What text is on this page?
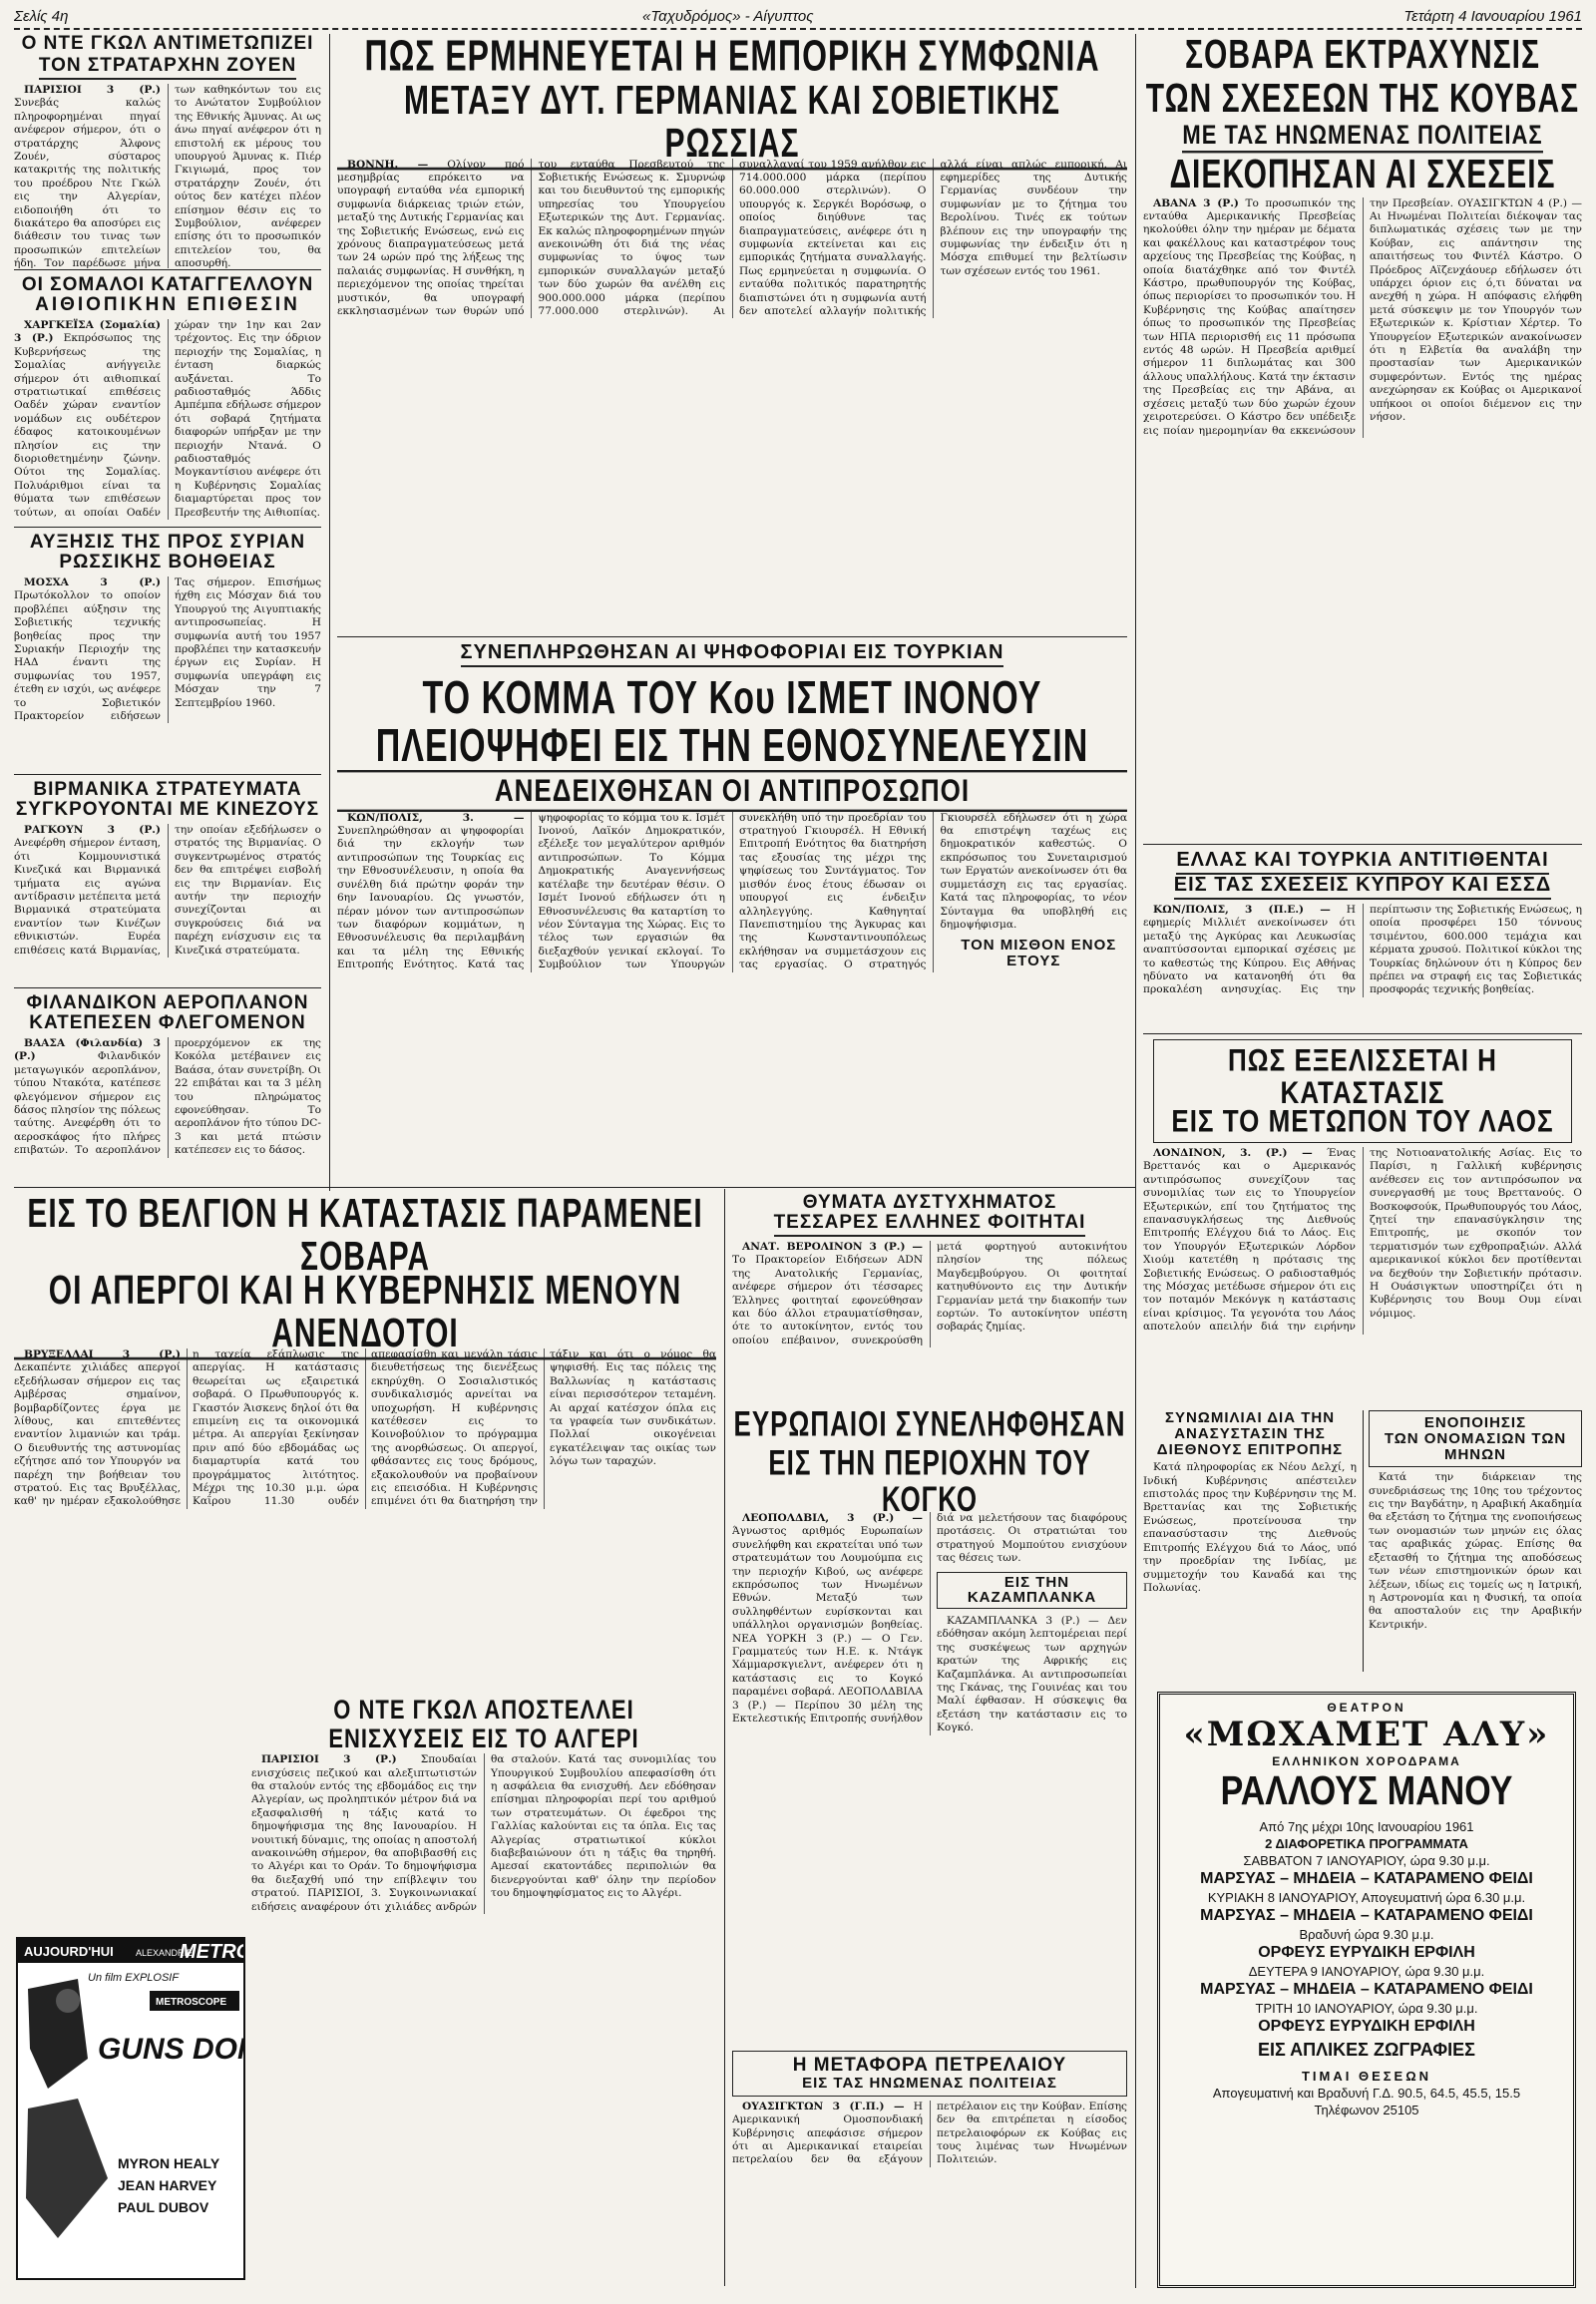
Σελίς 4η	«Ταχυδρόμος» - Αίγυπτος	Τετάρτη 4 Ιανουαρίου 1961

Ο ΝΤΕ ΓΚΩΛ ΑΝΤΙΜΕΤΩΠΙΖΕΙ

ΤΟΝ ΣΤΡΑΤΑΡΧΗΝ ΖΟΥΕΝ

ΠΑΡΙΣΙΟΙ 3 (Ρ.) Συνεβάς καλώς πληροφορημέναι πηγαί ανέφερον σήμερον, ότι ο στρατάρχης Άλφονς Ζουέν, σύσταρος κατακριτής της πολιτικής του προέδρου Ντε Γκώλ εις την Αλγερίαν, ειδοποιήθη ότι το διακάτερο θα αποσύρει εις διάθεσιν του τινας των προσωπικών επιτελείων ήδη. Τον παρέδωσε μήνα των καθηκόντων του εις το Ανώτατον Συμβούλιον της Εθνικής Άμυνας. Αι ως άνω πηγαί ανέφερον ότι η επιστολή εκ μέρους του υπουργού Άμυνας κ. Πιέρ Γκιγιωμά, προς τον στρατάρχην Ζουέν, ότι ούτος δεν κατέχει πλέον επίσημον θέσιν εις το Συμβούλιον, ανέφερεν επίσης ότι το προσωπικόν επιτελείον του, θα αποσυρθή.

ΟΙ ΣΟΜΑΛΟΙ ΚΑΤΑΓΓΕΛΛΟΥΝ

ΑΙΘΙΟΠΙΚΗΝ ΕΠΙΘΕΣΙΝ

ΧΑΡΓΚΕΪΣΑ (Σομαλία) 3 (Ρ.) Εκπρόσωπος της Κυβερνήσεως της Σομαλίας ανήγγειλε σήμερον ότι αιθιοπικαί στρατιωτικαί επιθέσεις Οαδέν χώραν εναντίον νομάδων εις ουδέτερον έδαφος κατοικουμένων πλησίον εις την διοριοθετημένην ζώνην. Ούτοι της Σομαλίας. Πολυάριθμοι είναι τα θύματα των επιθέσεων τούτων, αι οποίαι Οαδέν χώραν την 1ην και 2αν τρέχοντος. Εις την όδριον περιοχήν της Σομαλίας, η ένταση διαρκώς αυξάνεται. Το ραδιοσταθμός Άδδις Αμπέμπα εδήλωσε σήμερον ότι σοβαρά ζητήματα διαφορών υπήρξαν με την περιοχήν Ντανά. Ο ραδιοσταθμός Μογκαντίσιου ανέφερε ότι η Κυβέρνησις Σομαλίας διαμαρτύρεται προς τον Πρεσβευτήν της Αιθιοπίας.

ΑΥΞΗΣΙΣ ΤΗΣ ΠΡΟΣ ΣΥΡΙΑΝ

ΡΩΣΣΙΚΗΣ ΒΟΗΘΕΙΑΣ

ΜΟΣΧΑ 3 (Ρ.) Πρωτόκολλον το οποίον προβλέπει αύξησιν της Σοβιετικής τεχνικής βοηθείας προς την Συριακήν Περιοχήν της ΗΑΔ έναντι της συμφωνίας του 1957, έτεθη εν ισχύι, ως ανέφερε το Σοβιετικόν Πρακτορείον ειδήσεων Τας σήμερον. Επισήμως ήχθη εις Μόσχαν διά του Υπουργού της Αιγυπτιακής αντιπροσωπείας. Η συμφωνία αυτή του 1957 προβλέπει την κατασκευήν έργων εις Συρίαν. Η συμφωνία υπεγράφη εις Μόσχαν την 7 Σεπτεμβρίου 1960.

ΒΙΡΜΑΝΙΚΑ ΣΤΡΑΤΕΥΜΑΤΑ

ΣΥΓΚΡΟΥΟΝΤΑΙ ΜΕ ΚΙΝΕΖΟΥΣ

ΡΑΓΚΟΥΝ 3 (Ρ.) Ανεφέρθη σήμερον ένταση, ότι Κομμουνιστικά Κινεζικά και Βιρμανικά τμήματα εις αγώνα αντίδρασιν μετέπειτα μετά Βιρμανικά στρατεύματα εναντίον των Κινέζων εθνικιστών. Ευρέα επιθέσεις κατά Βιρμανίας, την οποίαν εξεδήλωσεν ο στρατός της Βιρμανίας. Ο συγκεντρωμένος στρατός δεν θα επιτρέψει εισβολή εις την Βιρμανίαν. Εις αυτήν την περιοχήν συνεχίζονται αι συγκρούσεις διά να παρέχη ενίσχυσιν εις τα Κινεζικά στρατεύματα.

ΦΙΛΑΝΔΙΚΟΝ ΑΕΡΟΠΛΑΝΟΝ

ΚΑΤΕΠΕΣΕΝ ΦΛΕΓΟΜΕΝΟΝ

ΒΑΑΣΑ (Φιλανδία) 3 (Ρ.)	Φιλανδικόν μεταγωγικόν αεροπλάνον, τύπου Ντακότα, κατέπεσε φλεγόμενον σήμερον εις δάσος πλησίον της πόλεως ταύτης. Ανεφέρθη ότι το αεροσκάφος ήτο πλήρες επιβατών. Το αεροπλάνον προερχόμενον εκ της Κοκόλα μετέβαινεν εις Βαάσα, όταν συνετρίβη. Οι 22 επιβάται και τα 3 μέλη του πληρώματος εφονεύθησαν. Το αεροπλάνον ήτο τύπου DC-3 και μετά πτώσιν κατέπεσεν εις το δάσος.

ΠΩΣ ΕΡΜΗΝΕΥΕΤΑΙ Η ΕΜΠΟΡΙΚΗ ΣΥΜΦΩΝΙΑ

ΜΕΤΑΞΥ ΔΥΤ. ΓΕΡΜΑΝΙΑΣ ΚΑΙ ΣΟΒΙΕΤΙΚΗΣ ΡΩΣΣΙΑΣ

ΒΟΝΝΗ. — Ολίγον πρό μεσημβρίας επρόκειτο να υπογραφή ενταύθα νέα εμπορική συμφωνία διάρκειας τριών ετών, μεταξύ της Δυτικής Γερμανίας και της Σοβιετικής Ενώσεως, ενώ εις χρόνους διαπραγματεύσεως μετά των 24 ωρών πρό της λήξεως της παλαιάς συμφωνίας. Η συνθήκη, η περιεχόμενον της οποίας τηρείται μυστικόν, θα υπογραφή εκκλησιασμένων των θυρών υπό του ενταύθα Πρεσβευτού της Σοβιετικής Ενώσεως κ. Σμυρνώφ και του διευθυντού της εμπορικής υπηρεσίας του Υπουργείου Εξωτερικών της Δυτ. Γερμανίας. Εκ καλώς πληροφορημένων πηγών ανεκοινώθη ότι διά της νέας συμφωνίας το ύψος των εμπορικών συναλλαγών μεταξύ των δύο χωρών θα ανέλθη εις 900.000.000 μάρκα (περίπου 77.000.000 στερλινών). Αι συναλλαγαί του 1959 ανήλθον εις 714.000.000 μάρκα (περίπου 60.000.000 στερλινών). Ο υπουργός κ. Σεργκέι Βορόσωφ, ο οποίος διηύθυνε τας διαπραγματεύσεις, ανέφερε ότι η συμφωνία εκτείνεται και εις εμπορικάς ζητήματα συναλλαγής. Πως ερμηνεύεται η συμφωνία. Ο ενταύθα πολιτικός παρατηρητής διαπιστώνει ότι η συμφωνία αυτή δεν αποτελεί αλλαγήν πολιτικής αλλά είναι απλώς εμπορική. Αι εφημερίδες της Δυτικής Γερμανίας συνδέουν την συμφωνίαν με το ζήτημα του Βερολίνου. Τινές εκ τούτων βλέπουν εις την υπογραφήν της συμφωνίας την ένδειξιν ότι η Μόσχα επιθυμεί την βελτίωσιν των σχέσεων εντός του 1961.

ΣΥΝΕΠΛΗΡΩΘΗΣΑΝ ΑΙ ΨΗΦΟΦΟΡΙΑΙ ΕΙΣ ΤΟΥΡΚΙΑΝ

ΤΟ ΚΟΜΜΑ ΤΟΥ Κου ΙΣΜΕΤ ΙΝΟΝΟΥ

ΠΛΕΙΟΨΗΦΕΙ ΕΙΣ ΤΗΝ ΕΘΝΟΣΥΝΕΛΕΥΣΙΝ

ΑΝΕΔΕΙΧΘΗΣΑΝ ΟΙ ΑΝΤΙΠΡΟΣΩΠΟΙ

ΚΩΝ/ΠΟΛΙΣ, 3. — Συνεπληρώθησαν αι ψηφοφορίαι διά την εκλογήν των αντιπροσώπων της Τουρκίας εις την Εθνοσυνέλευσιν, η οποία θα συνέλθη διά πρώτην φοράν την 6ην Ιανουαρίου. Ως γνωστόν, πέραν μόνον των αντιπροσώπων των διαφόρων κομμάτων, η Εθνοσυνέλευσις θα περιλαμβάνη και τα μέλη της Εθνικής Επιτροπής Ενότητος. Κατά τας ψηφοφορίας το κόμμα του κ. Ισμέτ Ινονού, Λαϊκόν Δημοκρατικόν, εξέλεξε τον μεγαλύτερον αριθμόν αντιπροσώπων. Το Κόμμα Δημοκρατικής Αναγεννήσεως κατέλαβε την δευτέραν θέσιν. Ο Ισμέτ Ινονού εδήλωσεν ότι η Εθνοσυνέλευσις θα καταρτίση το νέον Σύνταγμα της Χώρας. Εις το τέλος των εργασιών θα διεξαχθούν γενικαί εκλογαί. Το Συμβούλιον των Υπουργών συνεκλήθη υπό την προεδρίαν του στρατηγού Γκιουρσέλ. Η Εθνική Επιτροπή Ενότητος θα διατηρήση τας εξουσίας της μέχρι της ψηφίσεως του Συντάγματος. Τον μισθόν ένος έτους έδωσαν οι υπουργοί εις ένδειξιν αλληλεγγύης. Καθηγηταί Πανεπιστημίου της Άγκυρας και της Κωνσταντινουπόλεως εκλήθησαν να συμμετάσχουν εις τας εργασίας. Ο στρατηγός Γκιουρσέλ εδήλωσεν ότι η χώρα θα επιστρέψη ταχέως εις δημοκρατικόν καθεστώς. Ο εκπρόσωπος του Συνεταιρισμού των Εργατών ανεκοίνωσεν ότι θα συμμετάσχη εις τας εργασίας. Κατά τας πληροφορίας, το νέον Σύνταγμα θα υποβληθή εις δημοψήφισμα.

ΤΟΝ ΜΙΣΘΟΝ ΕΝΟΣ ΕΤΟΥΣ

ΣΟΒΑΡΑ ΕΚΤΡΑΧΥΝΣΙΣ

ΤΩΝ ΣΧΕΣΕΩΝ ΤΗΣ ΚΟΥΒΑΣ

ΜΕ ΤΑΣ ΗΝΩΜΕΝΑΣ ΠΟΛΙΤΕΙΑΣ

ΔΙΕΚΟΠΗΣΑΝ ΑΙ ΣΧΕΣΕΙΣ

ΑΒΑΝΑ 3 (Ρ.) Το προσωπικόν της ενταύθα Αμερικανικής Πρεσβείας ηκολούθει όλην την ημέραν με δέματα και φακέλλους και καταστρέφον τους αρχείους της Πρεσβείας της Κούβας, η οποία διατάχθηκε από τον Φιντέλ Κάστρο, πρωθυπουργόν της Κούβας, όπως περιορίσει το προσωπικόν του. Η Κυβέρνησις της Κούβας απαίτησεν όπως το προσωπικόν της Πρεσβείας των ΗΠΑ περιορισθή εις 11 πρόσωπα εντός 48 ωρών. Η Πρεσβεία αριθμεί σήμερον 11 διπλωμάτας και 300 άλλους υπαλλήλους. Κατά την έκτασιν της Πρεσβείας εις την Αβάνα, αι σχέσεις μεταξύ των δύο χωρών έχουν χειροτερεύσει. Ο Κάστρο δεν υπέδειξε εις ποίαν ημερομηνίαν θα εκκενώσουν την Πρεσβείαν. ΟΥΑΣΙΓΚΤΩΝ 4 (Ρ.) — Αι Ηνωμέναι Πολιτείαι διέκοψαν τας διπλωματικάς σχέσεις των με την Κούβαν, εις απάντησιν της απαιτήσεως του Φιντέλ Κάστρο. Ο Πρόεδρος Αϊζενχάουερ εδήλωσεν ότι υπάρχει όριον εις ό,τι δύναται να ανεχθή η χώρα. Η απόφασις ελήφθη μετά σύσκεψιν με τον Υπουργόν των Εξωτερικών κ. Κρίστιαν Χέρτερ. Το Υπουργείον Εξωτερικών ανακοίνωσεν ότι η Ελβετία θα αναλάβη την προστασίαν των Αμερικανικών συμφερόντων. Εντός της ημέρας ανεχώρησαν εκ Κούβας οι Αμερικανοί υπήκοοι οι οποίοι διέμενον εις την νήσον.

ΕΛΛΑΣ ΚΑΙ ΤΟΥΡΚΙΑ ΑΝΤΙΤΙΘΕΝΤΑΙ

ΕΙΣ ΤΑΣ ΣΧΕΣΕΙΣ ΚΥΠΡΟΥ ΚΑΙ ΕΣΣΔ

ΚΩΝ/ΠΟΛΙΣ, 3 (Π.Ε.) — Η εφημερίς Μιλλιέτ ανεκοίνωσεν ότι μεταξύ της Αγκύρας και Λευκωσίας αναπτύσσονται εμπορικαί σχέσεις με το καθεστώς της Κύπρου. Εις Αθήνας ηδύνατο να κατανοηθή ότι θα προκαλέση ανησυχίας. Εις την περίπτωσιν της Σοβιετικής Ενώσεως, η οποία προσφέρει 150 τόννους τσιμέντου, 600.000 τεμάχια και κέρματα χρυσού. Πολιτικοί κύκλοι της Τουρκίας δηλώνουν ότι η Κύπρος δεν πρέπει να στραφή εις τας Σοβιετικάς προσφοράς τεχνικής βοηθείας.

ΠΩΣ ΕΞΕΛΙΣΣΕΤΑΙ Η ΚΑΤΑΣΤΑΣΙΣ

ΕΙΣ ΤΟ ΜΕΤΩΠΟΝ ΤΟΥ ΛΑΟΣ

ΛΟΝΔΙΝΟΝ, 3. (Ρ.) — Ένας Βρεττανός και ο Αμερικανός αντιπρόσωπος συνεχίζουν τας συνομιλίας των εις το Υπουργείον Εξωτερικών, επί του ζητήματος της επανασυγκλήσεως της Διεθνούς Επιτροπής Ελέγχου διά το Λάος. Εις τον Υπουργόν Εξωτερικών Λόρδον Χιούμ κατετέθη η πρότασις της Σοβιετικής Ενώσεως. Ο ραδιοσταθμός της Μόσχας μετέδωσε σήμερον ότι εις τον ποταμόν Μεκόνγκ η κατάστασις είναι κρίσιμος. Τα γεγονότα του Λάος αποτελούν απειλήν διά την ειρήνην της Νοτιοανατολικής Ασίας. Εις το Παρίσι, η Γαλλική κυβέρνησις ανέθεσεν εις τον αντιπρόσωπον να συνεργασθή με τους Βρεττανούς. Ο Βοσκοφσούκ, Πρωθυπουργός του Λάος, ζητεί την επανασύγκλησιν της Επιτροπής, με σκοπόν τον τερματισμόν των εχθροπραξιών. Αλλά αμερικανικοί κύκλοι δεν προτίθενται να δεχθούν την Σοβιετικήν πρότασιν. Η Ουάσιγκτων υποστηρίζει ότι η Κυβέρνησις του Βουμ Ουμ είναι νόμιμος.

ΣΥΝΩΜΙΛΙΑΙ ΔΙΑ ΤΗΝ ΑΝΑΣΥΣΤΑΣΙΝ ΤΗΣ ΔΙΕΘΝΟΥΣ ΕΠΙΤΡΟΠΗΣ

Κατά πληροφορίας εκ Νέου Δελχί, η Ινδική Κυβέρνησις απέστειλεν επιστολάς προς την Κυβέρνησιν της Μ. Βρεττανίας και της Σοβιετικής Ενώσεως, προτείνουσα την επανασύστασιν της Διεθνούς Επιτροπής Ελέγχου διά το Λάος, υπό την προεδρίαν της Ινδίας, με συμμετοχήν του Καναδά και της Πολωνίας.

ΕΝΟΠΟΙΗΣΙΣ

ΤΩΝ ΟΝΟΜΑΣΙΩΝ ΤΩΝ ΜΗΝΩΝ

Κατά την διάρκειαν της συνεδριάσεως της 10ης του τρέχοντος εις την Βαγδάτην, η Αραβική Ακαδημία θα εξετάση το ζήτημα της ενοποιήσεως των ονομασιών των μηνών εις όλας τας αραβικάς χώρας. Επίσης θα εξετασθή το ζήτημα της αποδόσεως των νέων επιστημονικών όρων και λέξεων, ιδίως εις τομείς ως η Ιατρική, η Αστρονομία και η Φυσική, τα οποία θα αποσταλούν εις την Αραβικήν Κεντρικήν.

ΘΕΑΤΡΟΝ
«ΜΩΧΑΜΕΤ ΑΛΥ»
ΕΛΛΗΝΙΚΟΝ ΧΟΡΟΔΡΑΜΑ
ΡΑΛΛΟΥΣ ΜΑΝΟΥ
Από 7ης μέχρι 10ης Ιανουαρίου 1961
2 ΔΙΑΦΟΡΕΤΙΚΑ ΠΡΟΓΡΑΜΜΑΤΑ
ΣΑΒΒΑΤΟΝ 7 ΙΑΝΟΥΑΡΙΟΥ, ώρα 9.30 μ.μ.
ΜΑΡΣΥΑΣ – ΜΗΔΕΙΑ – ΚΑΤΑΡΑΜΕΝΟ ΦΕΙΔΙ
ΚΥΡΙΑΚΗ 8 ΙΑΝΟΥΑΡΙΟΥ, Απογευματινή ώρα 6.30 μ.μ.
ΜΑΡΣΥΑΣ – ΜΗΔΕΙΑ – ΚΑΤΑΡΑΜΕΝΟ ΦΕΙΔΙ
Βραδυνή ώρα 9.30 μ.μ.
ΟΡΦΕΥΣ ΕΥΡΥΔΙΚΗ ΕΡΦΙΛΗ
ΔΕΥΤΕΡΑ 9 ΙΑΝΟΥΑΡΙΟΥ, ώρα 9.30 μ.μ.
ΜΑΡΣΥΑΣ – ΜΗΔΕΙΑ – ΚΑΤΑΡΑΜΕΝΟ ΦΕΙΔΙ
ΤΡΙΤΗ 10 ΙΑΝΟΥΑΡΙΟΥ, ώρα 9.30 μ.μ.
ΟΡΦΕΥΣ ΕΥΡΥΔΙΚΗ ΕΡΦΙΛΗ
ΕΙΣ ΑΠΛΙΚΕΣ ΖΩΓΡΑΦΙΕΣ
ΤΙΜΑΙ ΘΕΣΕΩΝ
Απογευματινή και Βραδυνή Γ.Δ. 90.5, 64.5, 45.5, 15.5
Τηλέφωνον 25105

ΕΙΣ ΤΟ ΒΕΛΓΙΟΝ Η ΚΑΤΑΣΤΑΣΙΣ ΠΑΡΑΜΕΝΕΙ ΣΟΒΑΡΑ

ΟΙ ΑΠΕΡΓΟΙ ΚΑΙ Η ΚΥΒΕΡΝΗΣΙΣ ΜΕΝΟΥΝ ΑΝΕΝΔΟΤΟΙ

ΒΡΥΞΕΛΛΑΙ 3 (Ρ.) Δεκαπέντε χιλιάδες απεργοί εξεδήλωσαν σήμερον εις τας Αμβέρσας σημαίνον, βομβαρδίζοντες έργα με λίθους, και επιτεθέντες εναντίον λιμανιών και τράμ. Ο διευθυντής της αστυνομίας εζήτησε από τον Υπουργόν να παρέχη την βοήθειαν του στρατού. Εις τας Βρυξέλλας, καθ' ην ημέραν εξακολούθησε η ταχεία εξάπλωσις της απεργίας. Η κατάστασις θεωρείται ως εξαιρετικά σοβαρά. Ο Πρωθυπουργός κ. Γκαστόν Άισκενς δηλοί ότι θα επιμείνη εις τα οικονομικά μέτρα. Αι απεργίαι ξεκίνησαν πριν από δύο εβδομάδας ως διαμαρτυρία κατά του προγράμματος λιτότητος. Μέχρι της 10.30 μ.μ. ώρα Καΐρου 11.30 ουδέν απεφασίσθη και μεγάλη τάσις διευθετήσεως της διενέξεως εκηρύχθη. Ο Σοσιαλιστικός συνδικαλισμός αρνείται να υποχωρήση. Η κυβέρνησις κατέθεσεν εις το Κοινοβούλιον το πρόγραμμα της ανορθώσεως. Οι απεργοί, φθάσαντες εις τους δρόμους, εξακολουθούν να προβαίνουν εις επεισόδια. Η Κυβέρνησις επιμένει ότι θα διατηρήση την τάξιν και ότι ο νόμος θα ψηφισθή. Εις τας πόλεις της Βαλλωνίας η κατάστασις είναι περισσότερον τεταμένη. Αι αρχαί κατέσχον όπλα εις τα γραφεία των συνδικάτων. Πολλαί οικογένειαι εγκατέλειψαν τας οικίας των λόγω των ταραχών.

Ο ΝΤΕ ΓΚΩΛ ΑΠΟΣΤΕΛΛΕΙ

ΕΝΙΣΧΥΣΕΙΣ ΕΙΣ ΤΟ ΑΛΓΕΡΙ

ΠΑΡΙΣΙΟΙ 3 (Ρ.) Σπουδαίαι ενισχύσεις πεζικού και αλεξιπτωτιστών θα σταλούν εντός της εβδομάδος εις την Αλγερίαν, ως προληπτικόν μέτρον διά να εξασφαλισθή η τάξις κατά το δημοψήφισμα της 8ης Ιανουαρίου. Η νουιτική δύναμις, της οποίας η αποστολή ανακοινώθη σήμερον, θα αποβιβασθή εις το Αλγέρι και το Οράν. Το δημοψήφισμα θα διεξαχθή υπό την επίβλεψιν του στρατού. ΠΑΡΙΣΙΟΙ, 3. Συγκοινωνιακαί ειδήσεις αναφέρουν ότι χιλιάδες ανδρών θα σταλούν. Κατά τας συνομιλίας του Υπουργικού Συμβουλίου απεφασίσθη ότι η ασφάλεια θα ενισχυθή. Δεν εδόθησαν επίσημαι πληροφορίαι περί του αριθμού των στρατευμάτων. Οι έφεδροι της Γαλλίας καλούνται εις τα όπλα. Εις τας Αλγερίας στρατιωτικοί κύκλοι διαβεβαιώνουν ότι η τάξις θα τηρηθή. Αμεσαί εκατοντάδες περιπολιών θα διενεργούνται καθ' όλην την περίοδον του δημοψηφίσματος εις το Αλγέρι.

AUJOURD'HUI ALEXANDRIE
METR
Un film EXPLOSIF
METROSCOPE
GUNS DO
MYRON HEALY
JEAN HARVEY
PAUL DUBOV

ΘΥΜΑΤΑ ΔΥΣΤΥΧΗΜΑΤΟΣ

ΤΕΣΣΑΡΕΣ ΕΛΛΗΝΕΣ ΦΟΙΤΗΤΑΙ

ΑΝΑΤ. ΒΕΡΟΛΙΝΟΝ 3 (Ρ.) — Το Πρακτορείον Ειδήσεων ADN της Ανατολικής Γερμανίας, ανέφερε σήμερον ότι τέσσαρες Έλληνες φοιτηταί εφονεύθησαν και δύο άλλοι ετραυματίσθησαν, ότε το αυτοκίνητον, εντός του οποίου επέβαινον, συνεκρούσθη μετά φορτηγού αυτοκινήτου πλησίον της πόλεως Μαγδεμβούργου. Οι φοιτηταί κατηυθύνοντο εις την Δυτικήν Γερμανίαν μετά την διακοπήν των εορτών. Το αυτοκίνητον υπέστη σοβαράς ζημίας.

ΕΥΡΩΠΑΙΟΙ ΣΥΝΕΛΗΦΘΗΣΑΝ

ΕΙΣ ΤΗΝ ΠΕΡΙΟΧΗΝ ΤΟΥ ΚΟΓΚΟ

ΛΕΟΠΟΛΔΒΙΛ, 3 (Ρ.) — Άγνωστος αριθμός Ευρωπαίων συνελήφθη και εκρατείται υπό των στρατευμάτων του Λουμούμπα εις την περιοχήν Κιβού, ως ανέφερε εκπρόσωπος των Ηνωμένων Εθνών. Μεταξύ των συλληφθέντων ευρίσκονται και υπάλληλοι οργανισμών βοηθείας. ΝΕΑ ΥΟΡΚΗ 3 (Ρ.) — Ο Γεν. Γραμματεύς των Η.Ε. κ. Ντάγκ Χάμμαρσκγιελντ, ανέφερεν ότι η κατάστασις εις το Κογκό παραμένει σοβαρά. ΛΕΟΠΟΛΔΒΙΛΑ 3 (Ρ.) — Περίπου 30 μέλη της Εκτελεστικής Επιτροπής συνήλθον διά να μελετήσουν τας διαφόρους προτάσεις. Οι στρατιώται του στρατηγού Μομπούτου ενισχύουν τας θέσεις των.

ΕΙΣ ΤΗΝ ΚΑΖΑΜΠΛΑΝΚΑ

ΚΑΖΑΜΠΛΑΝΚΑ 3 (Ρ.) — Δεν εδόθησαν ακόμη λεπτομέρειαι περί της συσκέψεως των αρχηγών κρατών της Αφρικής εις Καζαμπλάνκα. Αι αντιπροσωπείαι της Γκάνας, της Γουινέας και του Μαλί έφθασαν. Η σύσκεψις θα εξετάση την κατάστασιν εις το Κογκό.

Η ΜΕΤΑΦΟΡΑ ΠΕΤΡΕΛΑΙΟΥ

ΕΙΣ ΤΑΣ ΗΝΩΜΕΝΑΣ ΠΟΛΙΤΕΙΑΣ

ΟΥΑΣΙΓΚΤΩΝ 3 (Γ.Π.) — Η Αμερικανική Ομοσπονδιακή Κυβέρνησις απεφάσισε σήμερον ότι αι Αμερικανικαί εταιρείαι πετρελαίου δεν θα εξάγουν πετρέλαιον εις την Κούβαν. Επίσης δεν θα επιτρέπεται η είσοδος πετρελαιοφόρων εκ Κούβας εις τους λιμένας των Ηνωμένων Πολιτειών.
